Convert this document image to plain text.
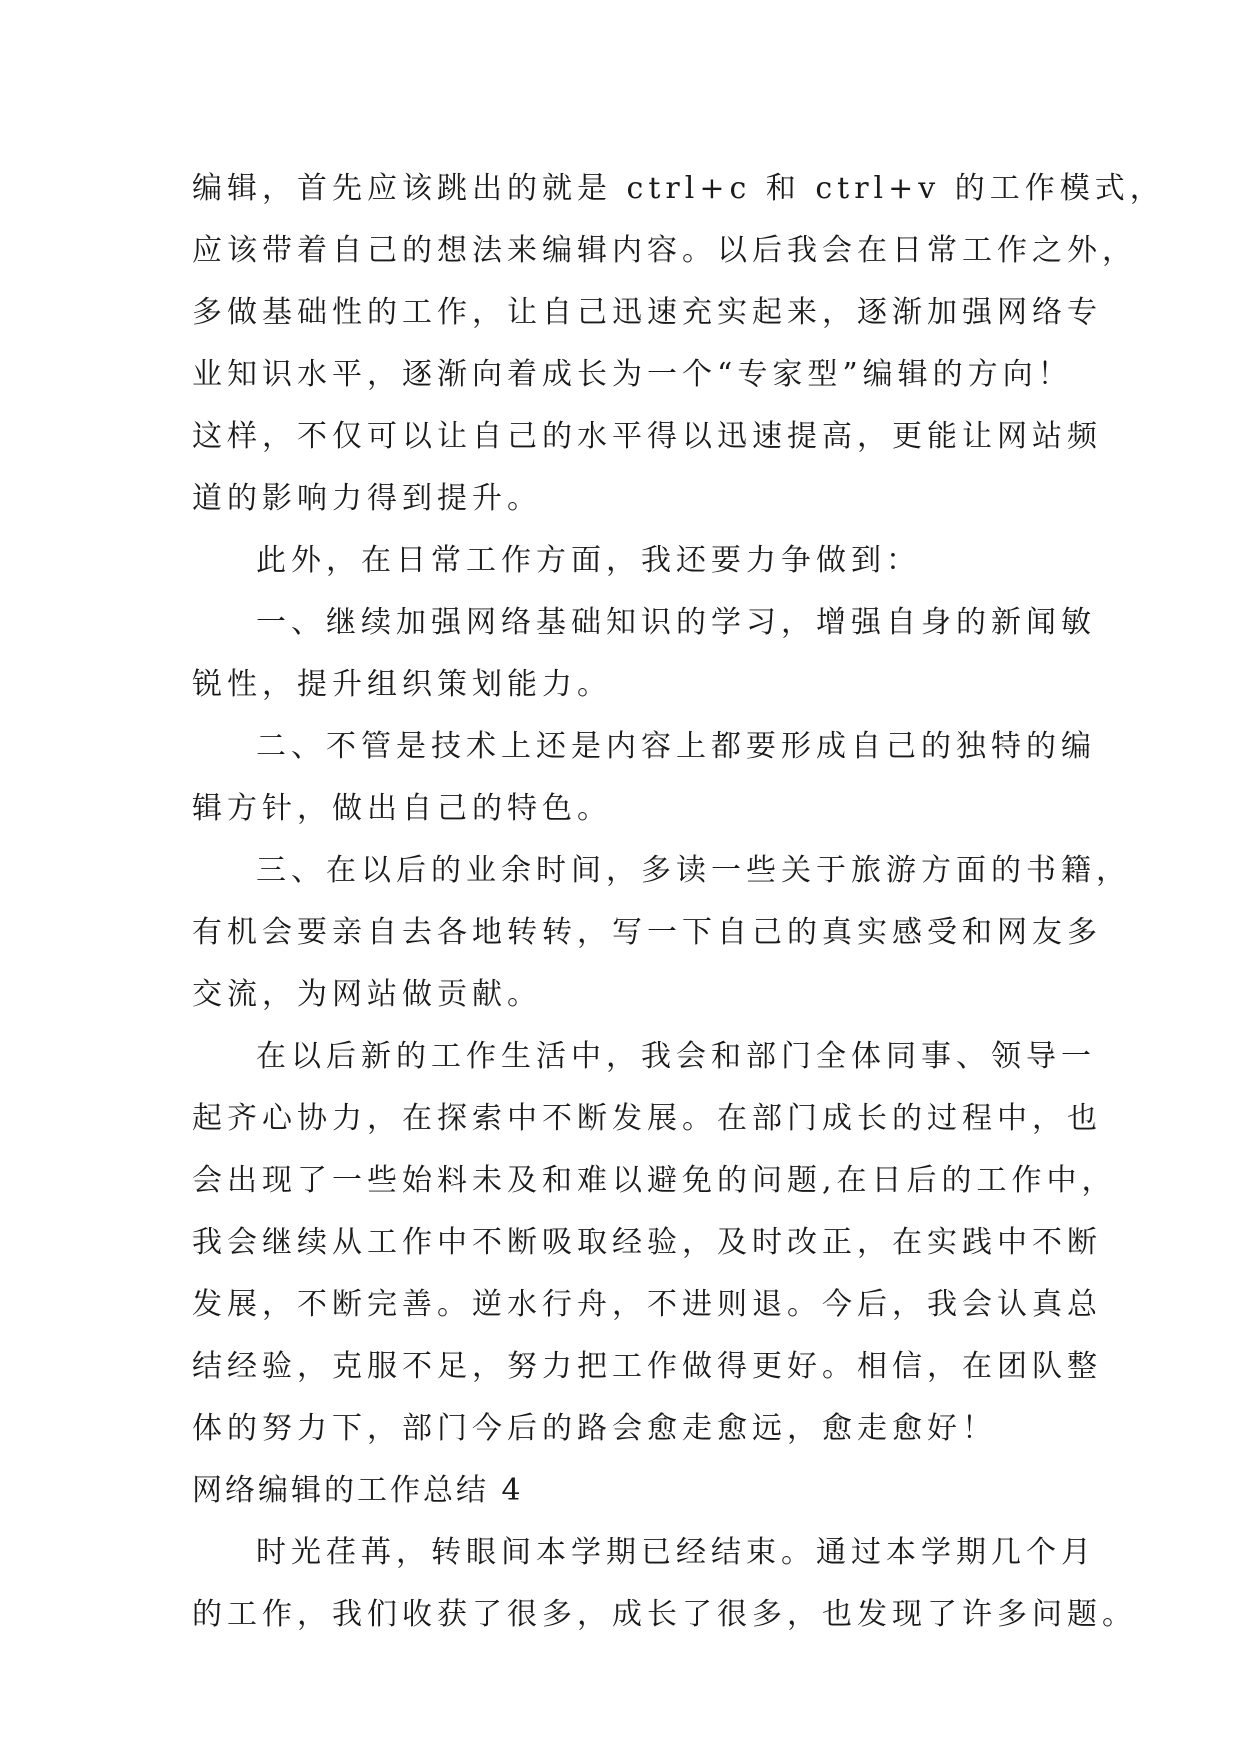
编辑，首先应该跳出的就是 ctrl+c 和 ctrl+v 的工作模式，
应该带着自己的想法来编辑内容。以后我会在日常工作之外，
多做基础性的工作，让自己迅速充实起来，逐渐加强网络专
业知识水平，逐渐向着成长为一个“专家型”编辑的方向！
这样，不仅可以让自己的水平得以迅速提高，更能让网站频
道的影响力得到提升。
此外，在日常工作方面，我还要力争做到：
一、继续加强网络基础知识的学习，增强自身的新闻敏
锐性，提升组织策划能力。
二、不管是技术上还是内容上都要形成自己的独特的编
辑方针，做出自己的特色。
三、在以后的业余时间，多读一些关于旅游方面的书籍，
有机会要亲自去各地转转，写一下自己的真实感受和网友多
交流，为网站做贡献。
在以后新的工作生活中，我会和部门全体同事、领导一
起齐心协力，在探索中不断发展。在部门成长的过程中，也
会出现了一些始料未及和难以避免的问题,在日后的工作中，
我会继续从工作中不断吸取经验，及时改正，在实践中不断
发展，不断完善。逆水行舟，不进则退。今后，我会认真总
结经验，克服不足，努力把工作做得更好。相信，在团队整
体的努力下，部门今后的路会愈走愈远，愈走愈好！
网络编辑的工作总结 4
时光荏苒，转眼间本学期已经结束。通过本学期几个月
的工作，我们收获了很多，成长了很多，也发现了许多问题。
